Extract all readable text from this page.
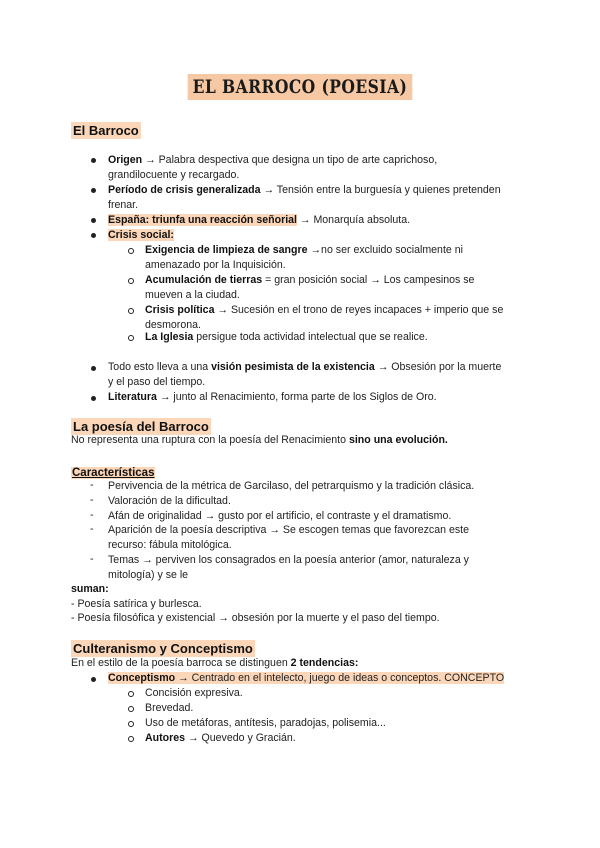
EL BARROCO (POESIA)
El Barroco
Origen → Palabra despectiva que designa un tipo de arte caprichoso,
grandilocuente y recargado.
Período de crisis generalizada → Tensión entre la burguesía y quienes pretenden
frenar.
España: triunfa una reacción señorial → Monarquía absoluta.
Crisis social:
Exigencia de limpieza de sangre →no ser excluido socialmente ni
amenazado por la Inquisición.
Acumulación de tierras = gran posición social → Los campesinos se
mueven a la ciudad.
Crisis política → Sucesión en el trono de reyes incapaces + imperio que se
desmorona.
La Iglesia persigue toda actividad intelectual que se realice.
Todo esto lleva a una visión pesimista de la existencia → Obsesión por la muerte
y el paso del tiempo.
Literatura → junto al Renacimiento, forma parte de los Siglos de Oro.
La poesía del Barroco
No representa una ruptura con la poesía del Renacimiento sino una evolución.
Características
- Pervivencia de la métrica de Garcilaso, del petrarquismo y la tradición clásica.
- Valoración de la dificultad.
- Afán de originalidad → gusto por el artificio, el contraste y el dramatismo.
- Aparición de la poesía descriptiva → Se escogen temas que favorezcan este
recurso: fábula mitológica.
- Temas → perviven los consagrados en la poesía anterior (amor, naturaleza y
mitología) y se le
suman:
- Poesía satírica y burlesca.
- Poesía filosófica y existencial → obsesión por la muerte y el paso del tiempo.
Culteranismo y Conceptismo
En el estilo de la poesía barroca se distinguen 2 tendencias:
Conceptismo → Centrado en el intelecto, juego de ideas o conceptos. CONCEPTO
Concisión expresiva.
Brevedad.
Uso de metáforas, antítesis, paradojas, polisemia...
Autores → Quevedo y Gracián.
